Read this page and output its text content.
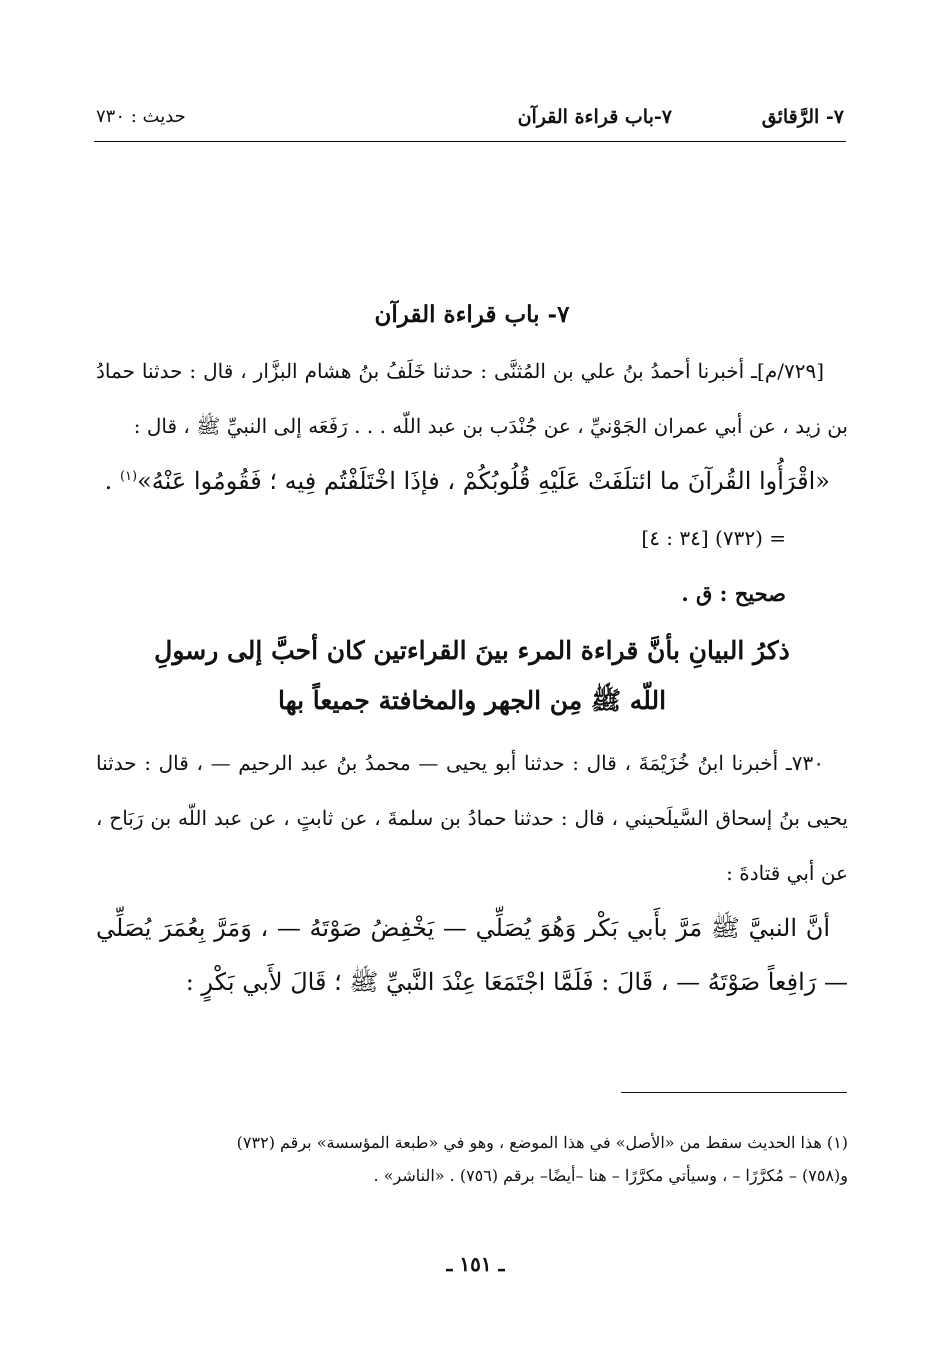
٧- الرَّقائق
٧-باب قراءة القرآن
حديث : ٧٣٠

٧- باب قراءة القرآن

[٧٢٩/م]ـ أخبرنا أحمدُ بنُ علي بن المُثنَّى : حدثنا خَلَفُ بنُ هشام البزَّار ، قال : حدثنا حمادُ بن زيد ، عن أبي عمران الجَوْنيِّ ، عن جُنْدَب بن عبد اللّه . . . رَفَعَه إلى النبيِّ ﷺ ، قال :

«اقْرَأُوا القُرآنَ ما ائتلَفَتْ عَلَيْهِ قُلُوبُكُمْ ، فإذَا اخْتَلَفْتُم فِيه ؛ فَقُومُوا عَنْهُ»$^{(١)}$ .

= (٧٣٢) [٣٤ : ٤]

صحيح : ق .

ذكرُ البيانِ بأنَّ قراءة المرء بينَ القراءتين كان أحبَّ إلى رسولِ اللّه ﷺ مِن الجهر والمخافتة جميعاً بها

٧٣٠ـ أخبرنا ابنُ خُزَيْمَةَ ، قال : حدثنا أبو يحيى — محمدُ بنُ عبد الرحيم — ، قال : حدثنا يحيى بنُ إسحاق السَّيلَحيني ، قال : حدثنا حمادُ بن سلمةَ ، عن ثابتٍ ، عن عبد اللّه بن رَبَاح ، عن أبي قتادةَ :

أنَّ النبيَّ ﷺ مَرَّ بأَبي بَكْر وَهُوَ يُصَلِّي — يَخْفِضُ صَوْتَهُ — ، وَمَرَّ بِعُمَرَ يُصَلِّي — رَافِعاً صَوْتَهُ — ، قَالَ : فَلَمَّا اجْتَمَعَا عِنْدَ النَّبيِّ ﷺ ؛ قَالَ لأَبي بَكْرٍ :

(١) هذا الحديث سقط من «الأصل» في هذا الموضع ، وهو في «طبعة المؤسسة» برقم (٧٣٢)

و(٧٥٨) – مُكرَّرًا – ، وسيأتي مكرَّرًا – هنا –أيضًا– برقم (٧٥٦) . «الناشر» .

ـ ١٥١ ـ
